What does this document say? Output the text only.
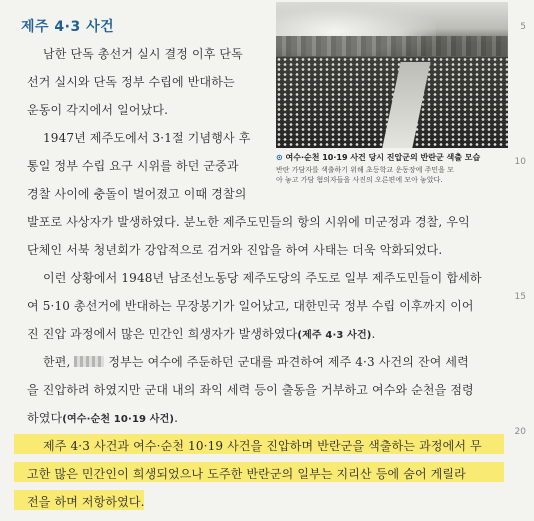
제주 4·3 사건	5
10
15
20
⊙ 여수·순천 10·19 사건 당시 진압군의 반란군 색출 모습
반란 가담자를 색출하기 위해 초등학교 운동장에 주민을 모
아 놓고 가담 혐의자들을 사진의 오른편에 모아 놓았다.
남한 단독 총선거 실시 결정 이후 단독
선거 실시와 단독 정부 수립에 반대하는
운동이 각지에서 일어났다.
1947년 제주도에서 3·1절 기념행사 후
통일 정부 수립 요구 시위를 하던 군중과
경찰 사이에 충돌이 벌어졌고 이때 경찰의
발포로 사상자가 발생하였다. 분노한 제주도민들의 항의 시위에 미군정과 경찰, 우익
단체인 서북 청년회가 강압적으로 검거와 진압을 하여 사태는 더욱 악화되었다.
이런 상황에서 1948년 남조선노동당 제주도당의 주도로 일부 제주도민들이 합세하
여 5·10 총선거에 반대하는 무장봉기가 일어났고, 대한민국 정부 수립 이후까지 이어
진 진압 과정에서 많은 민간인 희생자가 발생하였다(제주 4·3 사건).
한편,	정부는 여수에 주둔하던 군대를 파견하여 제주 4·3 사건의 잔여 세력
을 진압하려 하였지만 군대 내의 좌익 세력 등이 출동을 거부하고 여수와 순천을 점령
하였다(여수·순천 10·19 사건).
제주 4·3 사건과 여수·순천 10·19 사건을 진압하며 반란군을 색출하는 과정에서 무
고한 많은 민간인이 희생되었으나 도주한 반란군의 일부는 지리산 등에 숨어 게릴라
전을 하며 저항하였다.
